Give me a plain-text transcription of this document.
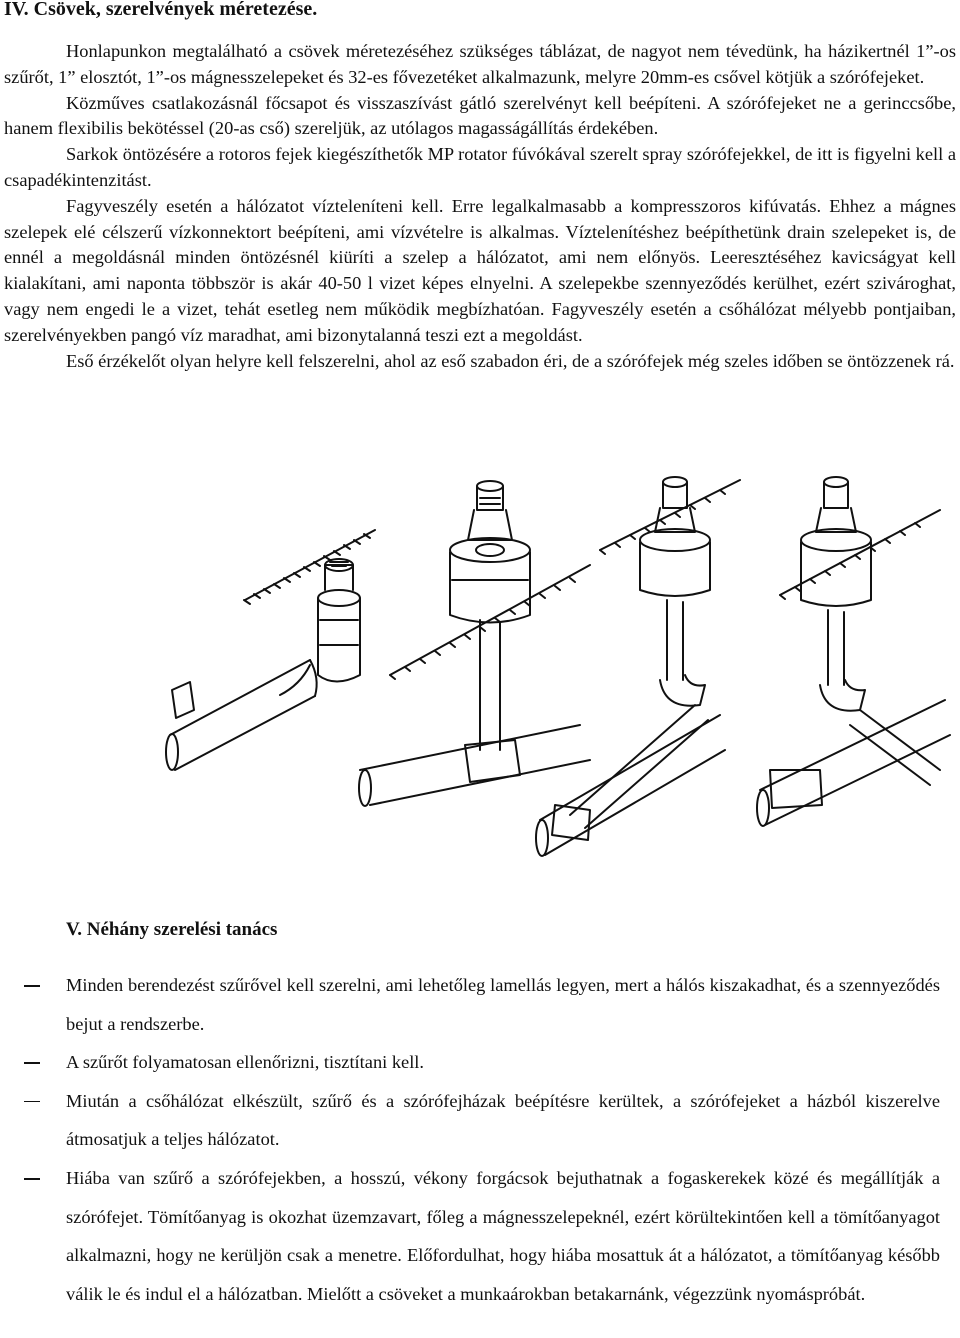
IV. Csövek, szerelvények méretezése.

Honlapunkon megtalálható a csövek méretezéséhez szükséges táblázat, de nagyot nem tévedünk, ha házikertnél 1”-os szűrőt, 1” elosztót, 1”-os mágnesszelepeket és 32-es fővezetéket alkalmazunk, melyre 20mm-es csővel kötjük a szórófejeket.

Közműves csatlakozásnál főcsapot és visszaszívást gátló szerelvényt kell beépíteni. A szórófejeket ne a gerinccsőbe, hanem flexibilis bekötéssel (20-as cső) szereljük, az utólagos magasságállítás érdekében.

Sarkok öntözésére a rotoros fejek kiegészíthetők MP rotator fúvókával szerelt spray szórófejekkel, de itt is figyelni kell a csapadékintenzitást.

Fagyveszély esetén a hálózatot vízteleníteni kell. Erre legalkalmasabb a kompresszoros kifúvatás. Ehhez a mágnes szelepek elé célszerű vízkonnektort beépíteni, ami vízvételre is alkalmas. Víztelenítéshez beépíthetünk drain szelepeket is, de ennél a megoldásnál minden öntözésnél kiüríti a szelep a hálózatot, ami nem előnyös. Leeresztéséhez kavicságyat kell kialakítani, ami naponta többször is akár 40-50 l vizet képes elnyelni. A szelepekbe szennyeződés kerülhet, ezért szivároghat, vagy nem engedi le a vizet, tehát esetleg nem működik megbízhatóan. Fagyveszély esetén a csőhálózat mélyebb pontjaiban, szerelvényekben pangó víz maradhat, ami bizonytalanná teszi ezt a megoldást.

Eső érzékelőt olyan helyre kell felszerelni, ahol az eső szabadon éri, de a szórófejek még szeles időben se öntözzenek rá.

V. Néhány szerelési tanács
Minden berendezést szűrővel kell szerelni, ami lehetőleg lamellás legyen, mert a hálós kiszakadhat, és a szennyeződés bejut a rendszerbe.
A szűrőt folyamatosan ellenőrizni, tisztítani kell.
Miután a csőhálózat elkészült, szűrő és a szórófejházak beépítésre kerültek, a szórófejeket a házból kiszerelve átmosatjuk a teljes hálózatot.
Hiába van szűrő a szórófejekben, a hosszú, vékony forgácsok bejuthatnak a fogaskerekek közé és megállítják a szórófejet. Tömítőanyag is okozhat üzemzavart, főleg a mágnesszelepeknél, ezért körültekintően kell a tömítőanyagot alkalmazni, hogy ne kerüljön csak a menetre. Előfordulhat, hogy hiába mosattuk át a hálózatot, a tömítőanyag később válik le és indul el a hálózatban. Mielőtt a csöveket a munkaárokban betakarnánk, végezzünk nyomáspróbát.
